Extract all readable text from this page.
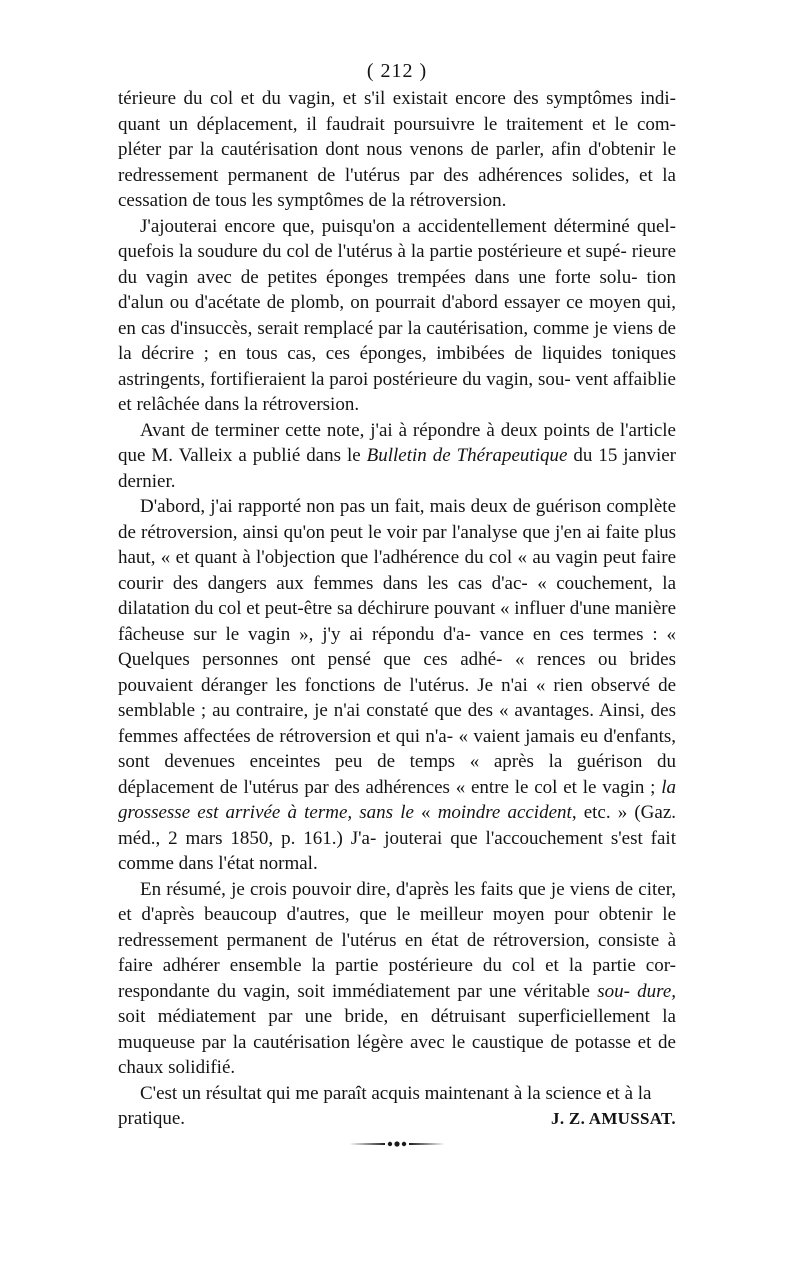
( 212 )

térieure du col et du vagin, et s'il existait encore des symptômes indi- quant un déplacement, il faudrait poursuivre le traitement et le com- pléter par la cautérisation dont nous venons de parler, afin d'obtenir le redressement permanent de l'utérus par des adhérences solides, et la cessation de tous les symptômes de la rétroversion.

J'ajouterai encore que, puisqu'on a accidentellement déterminé quel- quefois la soudure du col de l'utérus à la partie postérieure et supé- rieure du vagin avec de petites éponges trempées dans une forte solu- tion d'alun ou d'acétate de plomb, on pourrait d'abord essayer ce moyen qui, en cas d'insuccès, serait remplacé par la cautérisation, comme je viens de la décrire ; en tous cas, ces éponges, imbibées de liquides toniques astringents, fortifieraient la paroi postérieure du vagin, sou- vent affaiblie et relâchée dans la rétroversion.

Avant de terminer cette note, j'ai à répondre à deux points de l'article que M. Valleix a publié dans le Bulletin de Thérapeutique du 15 janvier dernier.

D'abord, j'ai rapporté non pas un fait, mais deux de guérison complète de rétroversion, ainsi qu'on peut le voir par l'analyse que j'en ai faite plus haut, « et quant à l'objection que l'adhérence du col « au vagin peut faire courir des dangers aux femmes dans les cas d'ac- « couchement, la dilatation du col et peut-être sa déchirure pouvant « influer d'une manière fâcheuse sur le vagin », j'y ai répondu d'a- vance en ces termes : « Quelques personnes ont pensé que ces adhé- « rences ou brides pouvaient déranger les fonctions de l'utérus. Je n'ai « rien observé de semblable ; au contraire, je n'ai constaté que des « avantages. Ainsi, des femmes affectées de rétroversion et qui n'a- « vaient jamais eu d'enfants, sont devenues enceintes peu de temps « après la guérison du déplacement de l'utérus par des adhérences « entre le col et le vagin ; la grossesse est arrivée à terme, sans le « moindre accident, etc. » (Gaz. méd., 2 mars 1850, p. 161.) J'a- jouterai que l'accouchement s'est fait comme dans l'état normal.

En résumé, je crois pouvoir dire, d'après les faits que je viens de citer, et d'après beaucoup d'autres, que le meilleur moyen pour obtenir le redressement permanent de l'utérus en état de rétroversion, consiste à faire adhérer ensemble la partie postérieure du col et la partie cor- respondante du vagin, soit immédiatement par une véritable sou- dure, soit médiatement par une bride, en détruisant superficiellement la muqueuse par la cautérisation légère avec le caustique de potasse et de chaux solidifié.

C'est un résultat qui me paraît acquis maintenant à la science et à la

pratique.	J. Z. AMUSSAT.
